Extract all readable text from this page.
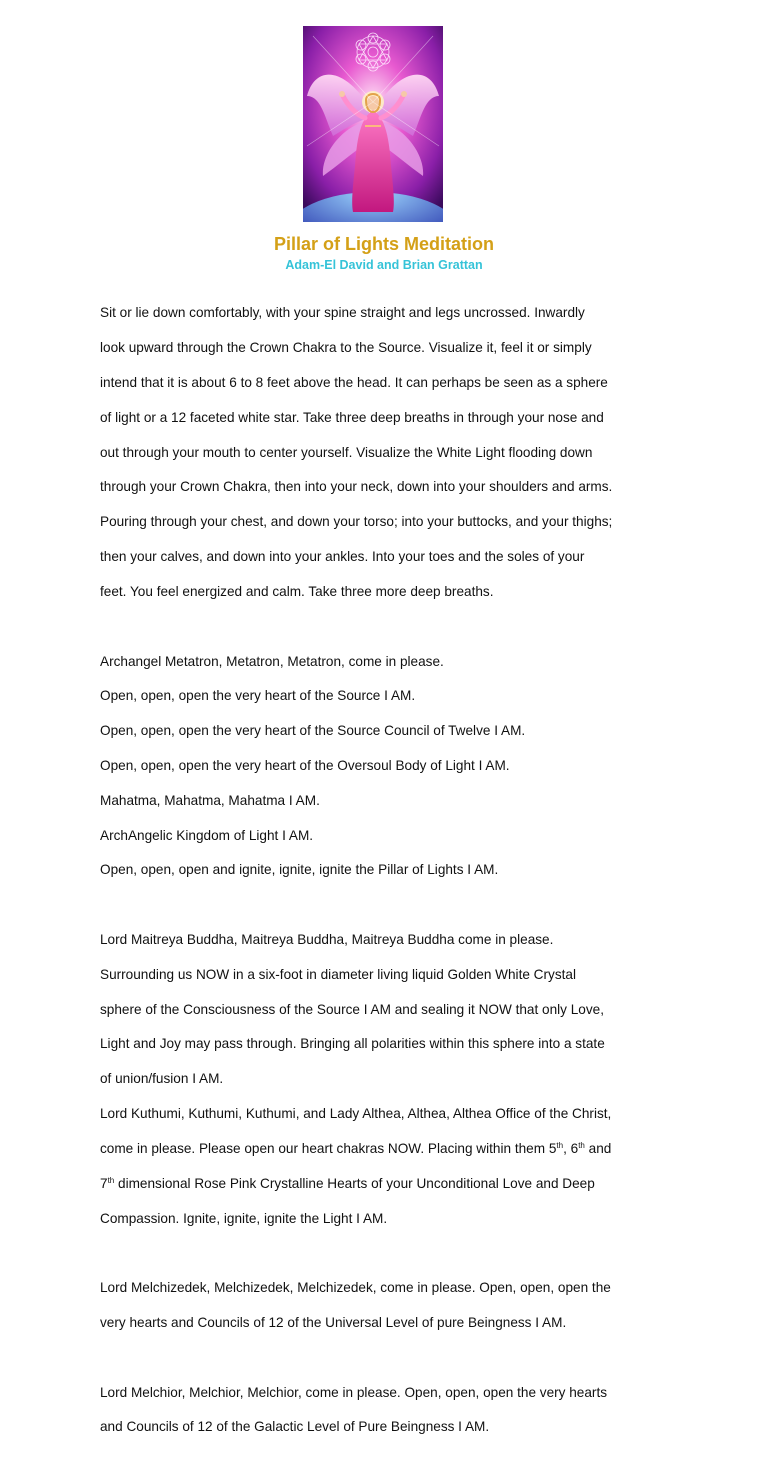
Pillar of Lights Meditation
Adam-El David and Brian Grattan

Sit or lie down comfortably, with your spine straight and legs uncrossed. Inwardly

look upward through the Crown Chakra to the Source. Visualize it, feel it or simply

intend that it is about 6 to 8 feet above the head. It can perhaps be seen as a sphere

of light or a 12 faceted white star. Take three deep breaths in through your nose and

out through your mouth to center yourself. Visualize the White Light flooding down

through your Crown Chakra, then into your neck, down into your shoulders and arms.

Pouring through your chest, and down your torso; into your buttocks, and your thighs;

then your calves, and down into your ankles. Into your toes and the soles of your

feet. You feel energized and calm. Take three more deep breaths.

Archangel Metatron, Metatron, Metatron, come in please.

Open, open, open the very heart of the Source I AM.

Open, open, open the very heart of the Source Council of Twelve I AM.

Open, open, open the very heart of the Oversoul Body of Light I AM.

Mahatma, Mahatma, Mahatma I AM.

ArchAngelic Kingdom of Light I AM.

Open, open, open and ignite, ignite, ignite the Pillar of Lights I AM.

Lord Maitreya Buddha, Maitreya Buddha, Maitreya Buddha come in please.

Surrounding us NOW in a six-foot in diameter living liquid Golden White Crystal

sphere of the Consciousness of the Source I AM and sealing it NOW that only Love,

Light and Joy may pass through. Bringing all polarities within this sphere into a state

of union/fusion I AM.

Lord Kuthumi, Kuthumi, Kuthumi, and Lady Althea, Althea, Althea Office of the Christ,

come in please. Please open our heart chakras NOW. Placing within them 5th, 6th and

7th dimensional Rose Pink Crystalline Hearts of your Unconditional Love and Deep

Compassion. Ignite, ignite, ignite the Light I AM.

Lord Melchizedek, Melchizedek, Melchizedek, come in please. Open, open, open the

very hearts and Councils of 12 of the Universal Level of pure Beingness I AM.

Lord Melchior, Melchior, Melchior, come in please. Open, open, open the very hearts

and Councils of 12 of the Galactic Level of Pure Beingness I AM.
